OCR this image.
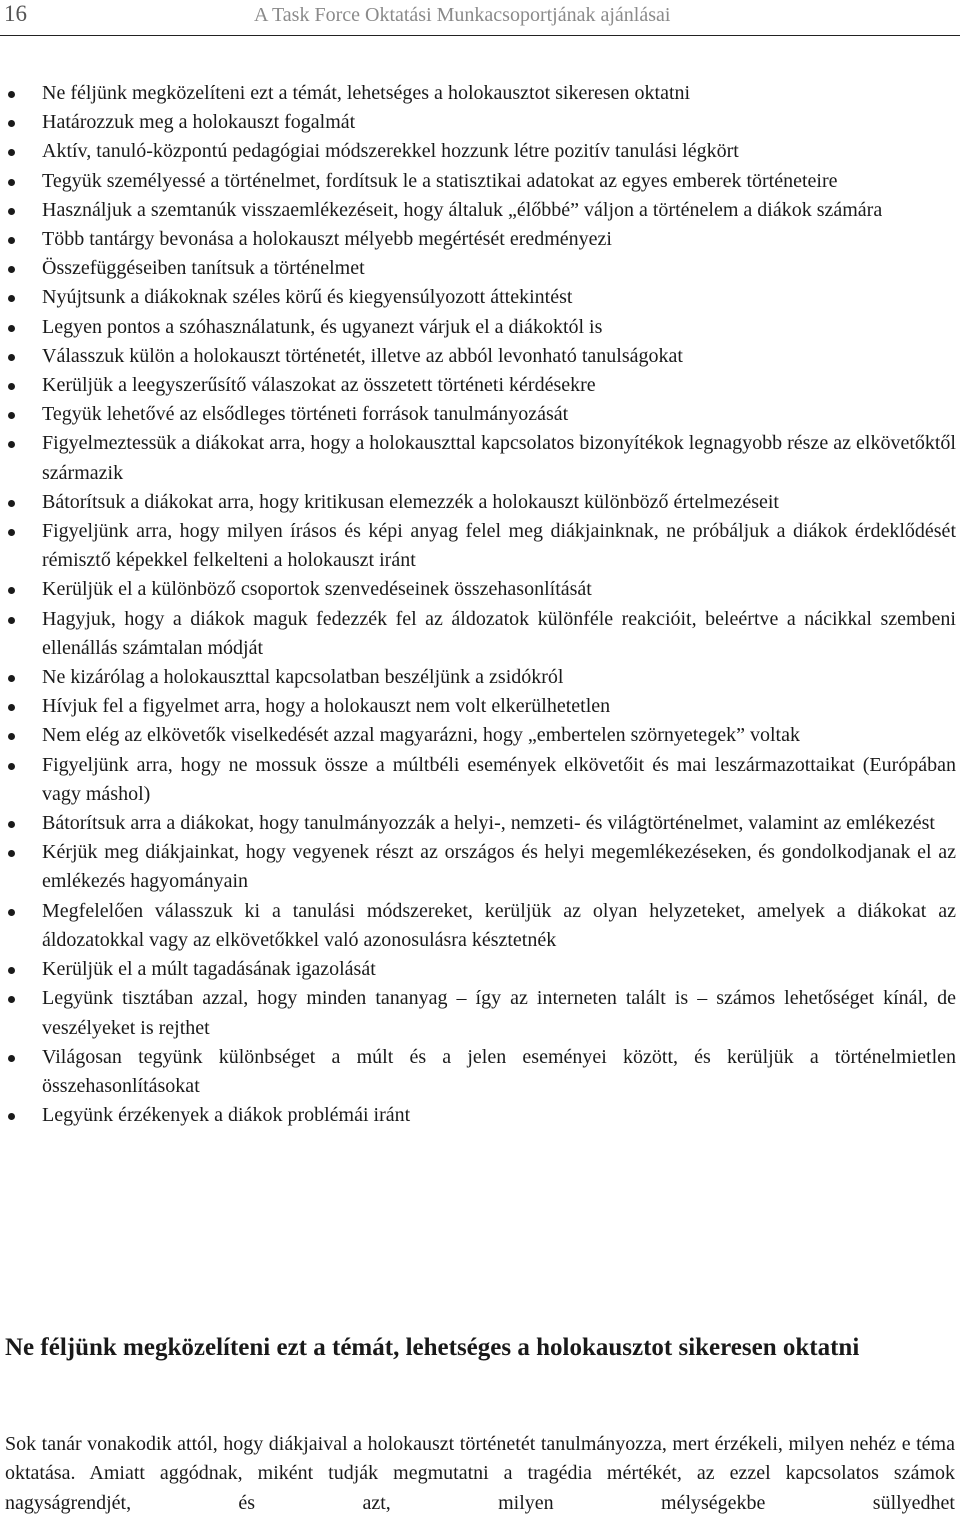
16	A Task Force Oktatási Munkacsoportjának ajánlásai
Ne féljünk megközelíteni ezt a témát, lehetséges a holokausztot sikeresen oktatni
Határozzuk meg a holokauszt fogalmát
Aktív, tanuló-központú pedagógiai módszerekkel hozzunk létre pozitív tanulási légkört
Tegyük személyessé a történelmet, fordítsuk le a statisztikai adatokat az egyes emberek történeteire
Használjuk a szemtanúk visszaemlékezéseit, hogy általuk „élőbbé” váljon a történelem a diákok számára
Több tantárgy bevonása a holokauszt mélyebb megértését eredményezi
Összefüggéseiben tanítsuk a történelmet
Nyújtsunk a diákoknak széles körű és kiegyensúlyozott áttekintést
Legyen pontos a szóhasználatunk, és ugyanezt várjuk el a diákoktól is
Válasszuk külön a holokauszt történetét, illetve az abból levonható tanulságokat
Kerüljük a leegyszerűsítő válaszokat az összetett történeti kérdésekre
Tegyük lehetővé az elsődleges történeti források tanulmányozását
Figyelmeztessük a diákokat arra, hogy a holokauszttal kapcsolatos bizonyítékok legnagyobb része az elkövetőktől származik
Bátorítsuk a diákokat arra, hogy kritikusan elemezzék a holokauszt különböző értelmezéseit
Figyeljünk arra, hogy milyen írásos és képi anyag felel meg diákjainknak, ne próbáljuk a diákok érdeklődését rémisztő képekkel felkelteni a holokauszt iránt
Kerüljük el a különböző csoportok szenvedéseinek összehasonlítását
Hagyjuk, hogy a diákok maguk fedezzék fel az áldozatok különféle reakcióit, beleértve a nácikkal szembeni ellenállás számtalan módját
Ne kizárólag a holokauszttal kapcsolatban beszéljünk a zsidókról
Hívjuk fel a figyelmet arra, hogy a holokauszt nem volt elkerülhetetlen
Nem elég az elkövetők viselkedését azzal magyarázni, hogy „embertelen szörnyetegek” voltak
Figyeljünk arra, hogy ne mossuk össze a múltbéli események elkövetőit és mai leszármazottaikat (Európában vagy máshol)
Bátorítsuk arra a diákokat, hogy tanulmányozzák a helyi-, nemzeti- és világtörténelmet, valamint az emlékezést
Kérjük meg diákjainkat, hogy vegyenek részt az országos és helyi megemlékezéseken, és gondolkodjanak el az emlékezés hagyományain
Megfelelően válasszuk ki a tanulási módszereket, kerüljük az olyan helyzeteket, amelyek a diákokat az áldozatokkal vagy az elkövetőkkel való azonosulásra késztetnék
Kerüljük el a múlt tagadásának igazolását
Legyünk tisztában azzal, hogy minden tananyag – így az interneten talált is – számos lehetőséget kínál, de veszélyeket is rejthet
Világosan tegyünk különbséget a múlt és a jelen eseményei között, és kerüljük a történelmietlen összehasonlításokat
Legyünk érzékenyek a diákok problémái iránt
Ne féljünk megközelíteni ezt a témát, lehetséges a holokausztot sikeresen oktatni

Sok tanár vonakodik attól, hogy diákjaival a holokauszt történetét tanulmányozza, mert érzékeli, milyen nehéz e téma oktatása. Amiatt aggódnak, miként tudják megmutatni a tragédia mértékét, az ezzel kapcsolatos számok nagyságrendjét, és azt, milyen mélységekbe süllyedhet
